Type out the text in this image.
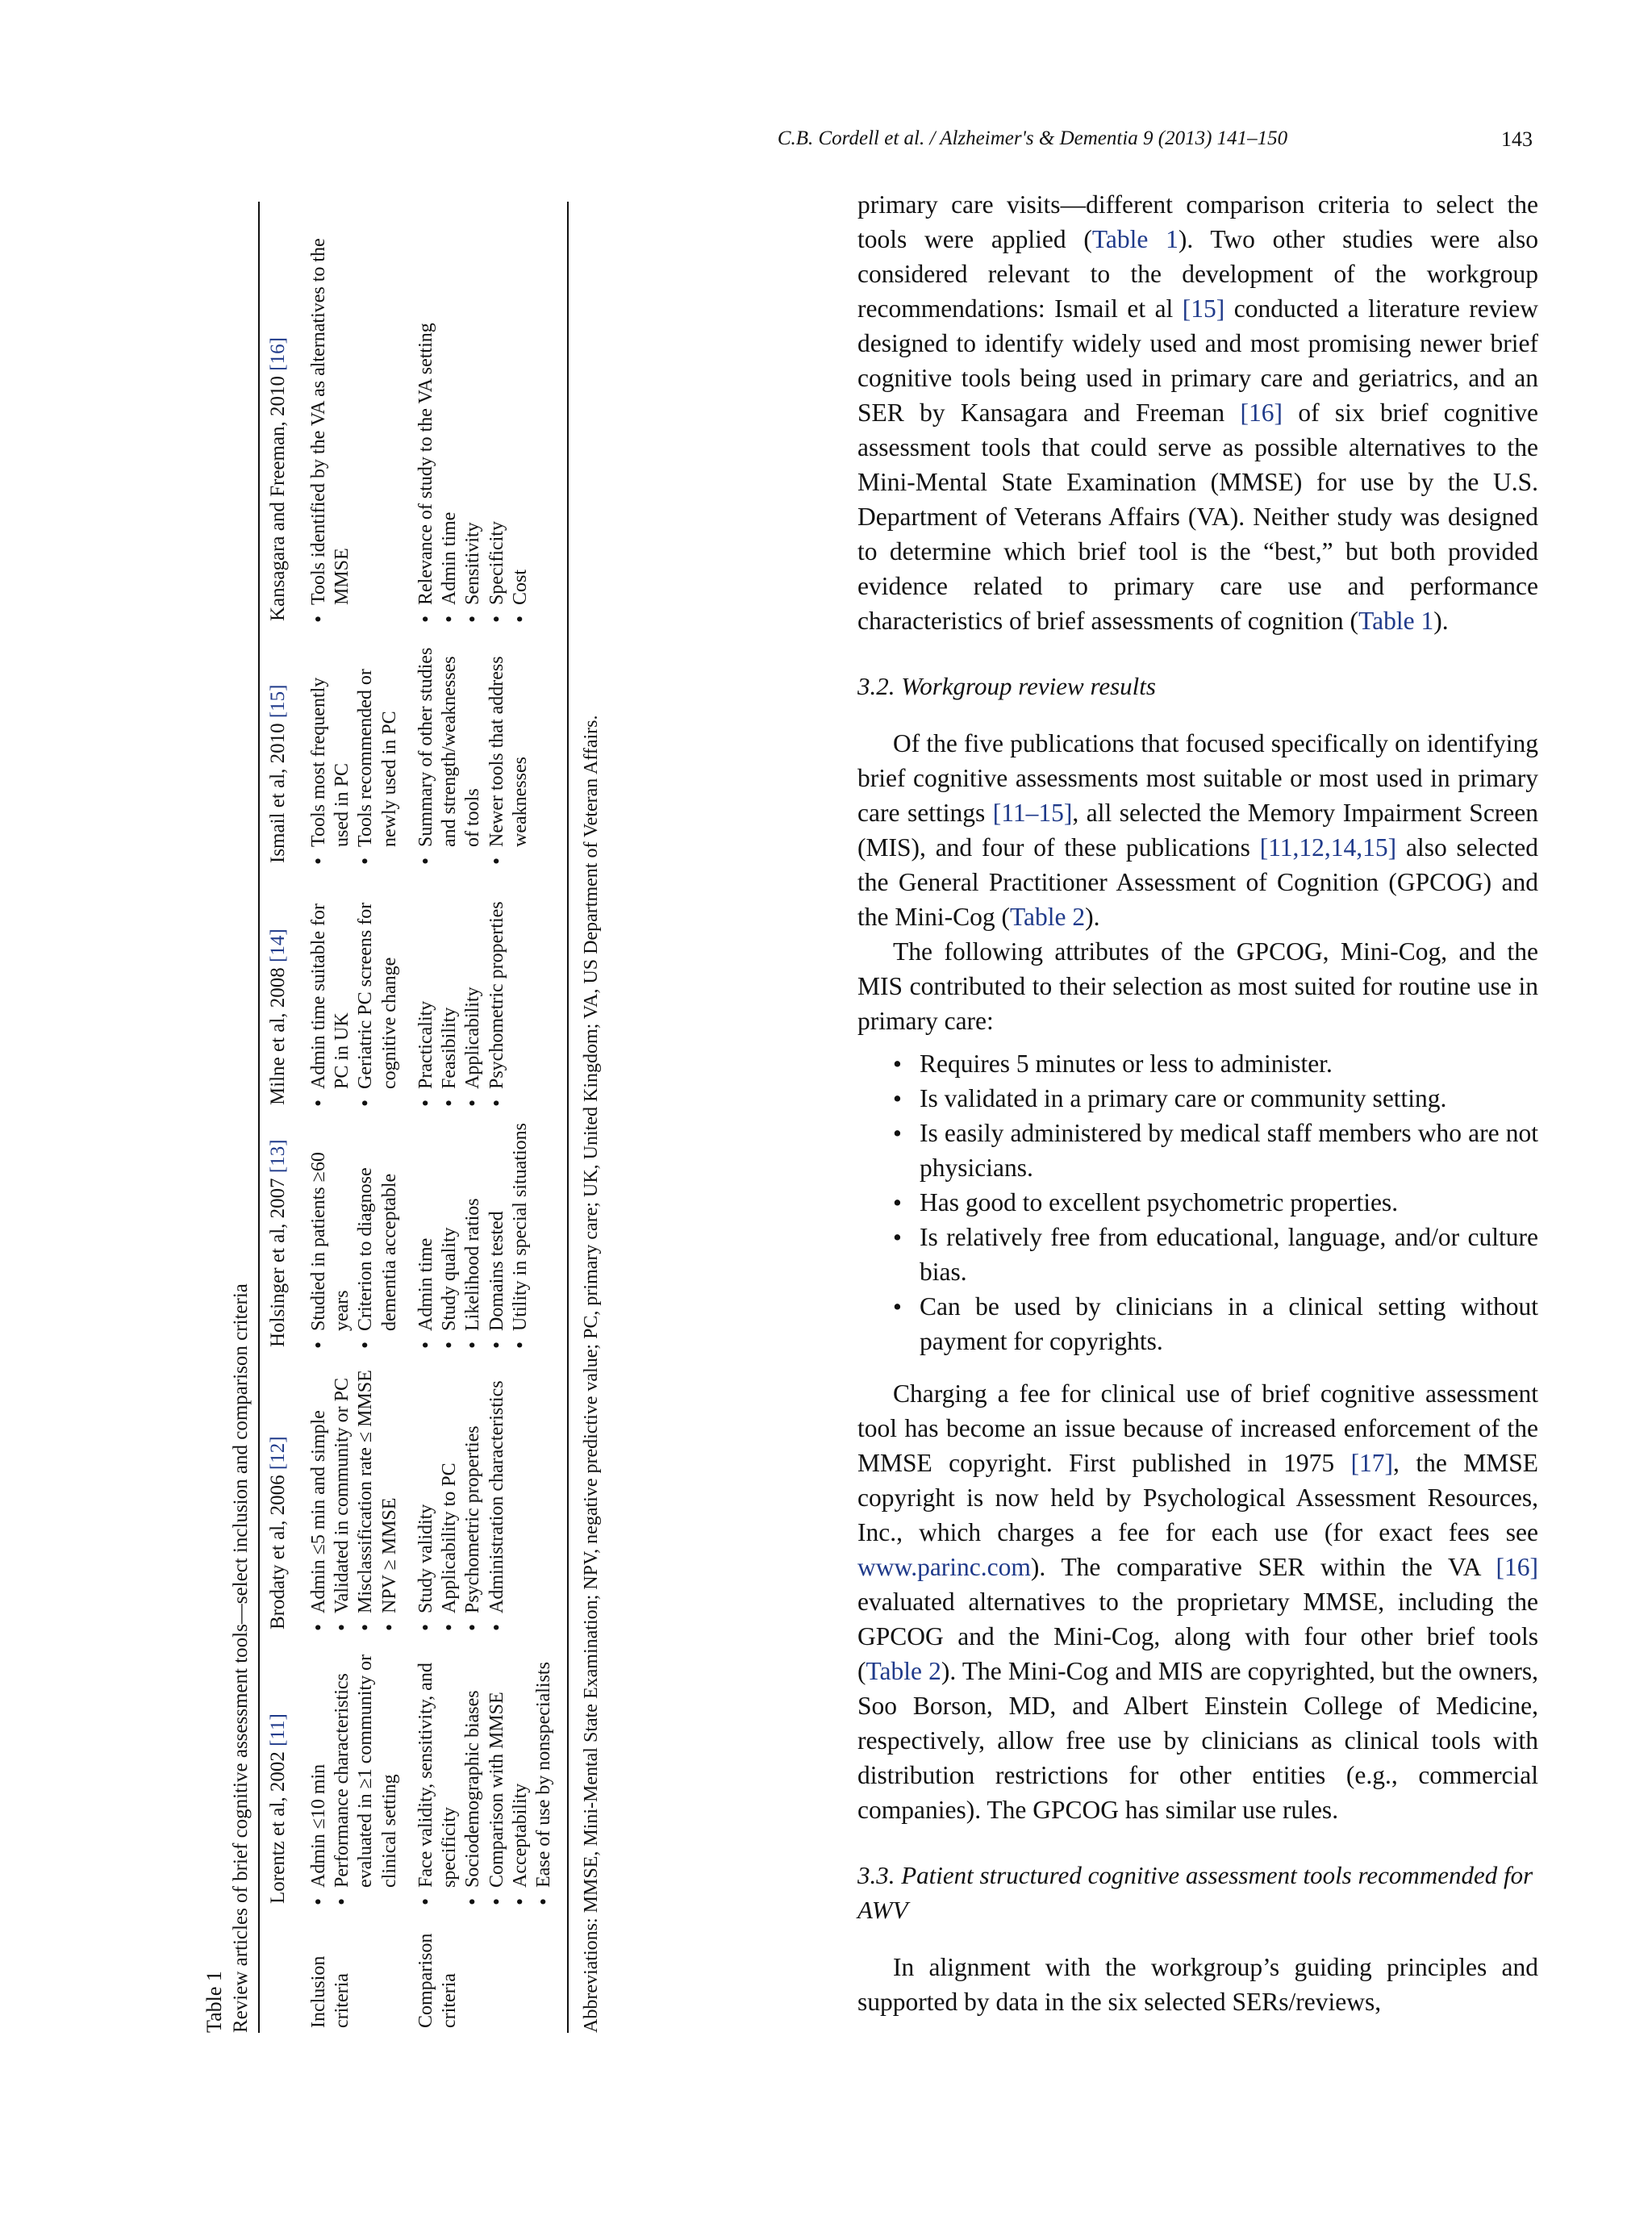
C.B. Cordell et al. / Alzheimer's & Dementia 9 (2013) 141–150	143
Table 1 Review articles of brief cognitive assessment tools—select inclusion and comparison criteria Lorentz et al, 2002 [11]
Brodaty et al, 2006 [12]
Holsinger et al, 2007 [13]
Milne et al, 2008 [14]
Ismail et al, 2010 [15]
Kansagara and Freeman, 2010 [16]
Inclusion criteria
• Admin ≤10 min • Performance characteristics evaluated in ≥1 community or clinical setting
• Admin ≤5 min and simple • Validated in community or PC • Misclassification rate ≤ MMSE • NPV ≥ MMSE
• Studied in patients ≥60 years • Criterion to diagnose dementia acceptable
• Admin time suitable for PC in UK • Geriatric PC screens for cognitive change
• Tools most frequently used in PC • Tools recommended or newly used in PC
• Tools identified by the VA as alternatives to the MMSE
Comparison criteria
• Face validity, sensitivity, and specificity • Sociodemographic biases • Comparison with MMSE • Acceptability • Ease of use by nonspecialists
• Study validity • Applicability to PC • Psychometric properties • Administration characteristics
• Admin time • Study quality • Likelihood ratios • Domains tested • Utility in special situations
• Practicality • Feasibility • Applicability • Psychometric properties
• Summary of other studies and strength/weaknesses of tools • Newer tools that address weaknesses
• Relevance of study to the VA setting • Admin time • Sensitivity • Specificity • Cost
Abbreviations: MMSE, Mini-Mental State Examination; NPV, negative predictive value; PC, primary care; UK, United Kingdom; VA, US Department of Veteran Affairs.

primary care visits—different comparison criteria to select the tools were applied (Table 1). Two other studies were also considered relevant to the development of the workgroup recommendations: Ismail et al [15] conducted a literature review designed to identify widely used and most promising newer brief cognitive tools being used in primary care and geriatrics, and an SER by Kansagara and Freeman [16] of six brief cognitive assessment tools that could serve as possible alternatives to the Mini-Mental State Examination (MMSE) for use by the U.S. Department of Veterans Affairs (VA). Neither study was designed to determine which brief tool is the “best,” but both provided evidence related to primary care use and performance characteristics of brief assessments of cognition (Table 1).

3.2. Workgroup review results

Of the five publications that focused specifically on identifying brief cognitive assessments most suitable or most used in primary care settings [11–15], all selected the Memory Impairment Screen (MIS), and four of these publications [11,12,14,15] also selected the General Practitioner Assessment of Cognition (GPCOG) and the Mini-Cog (Table 2).

The following attributes of the GPCOG, Mini-Cog, and the MIS contributed to their selection as most suited for routine use in primary care:

• Requires 5 minutes or less to administer.
• Is validated in a primary care or community setting.
• Is easily administered by medical staff members who are not physicians.
• Has good to excellent psychometric properties.
• Is relatively free from educational, language, and/or culture bias.
• Can be used by clinicians in a clinical setting without payment for copyrights.

Charging a fee for clinical use of brief cognitive assessment tool has become an issue because of increased enforcement of the MMSE copyright. First published in 1975 [17], the MMSE copyright is now held by Psychological Assessment Resources, Inc., which charges a fee for each use (for exact fees see www.parinc.com). The comparative SER within the VA [16] evaluated alternatives to the proprietary MMSE, including the GPCOG and the Mini-Cog, along with four other brief tools (Table 2). The Mini-Cog and MIS are copyrighted, but the owners, Soo Borson, MD, and Albert Einstein College of Medicine, respectively, allow free use by clinicians as clinical tools with distribution restrictions for other entities (e.g., commercial companies). The GPCOG has similar use rules.

3.3. Patient structured cognitive assessment tools recommended for AWV

In alignment with the workgroup’s guiding principles and supported by data in the six selected SERs/reviews,
